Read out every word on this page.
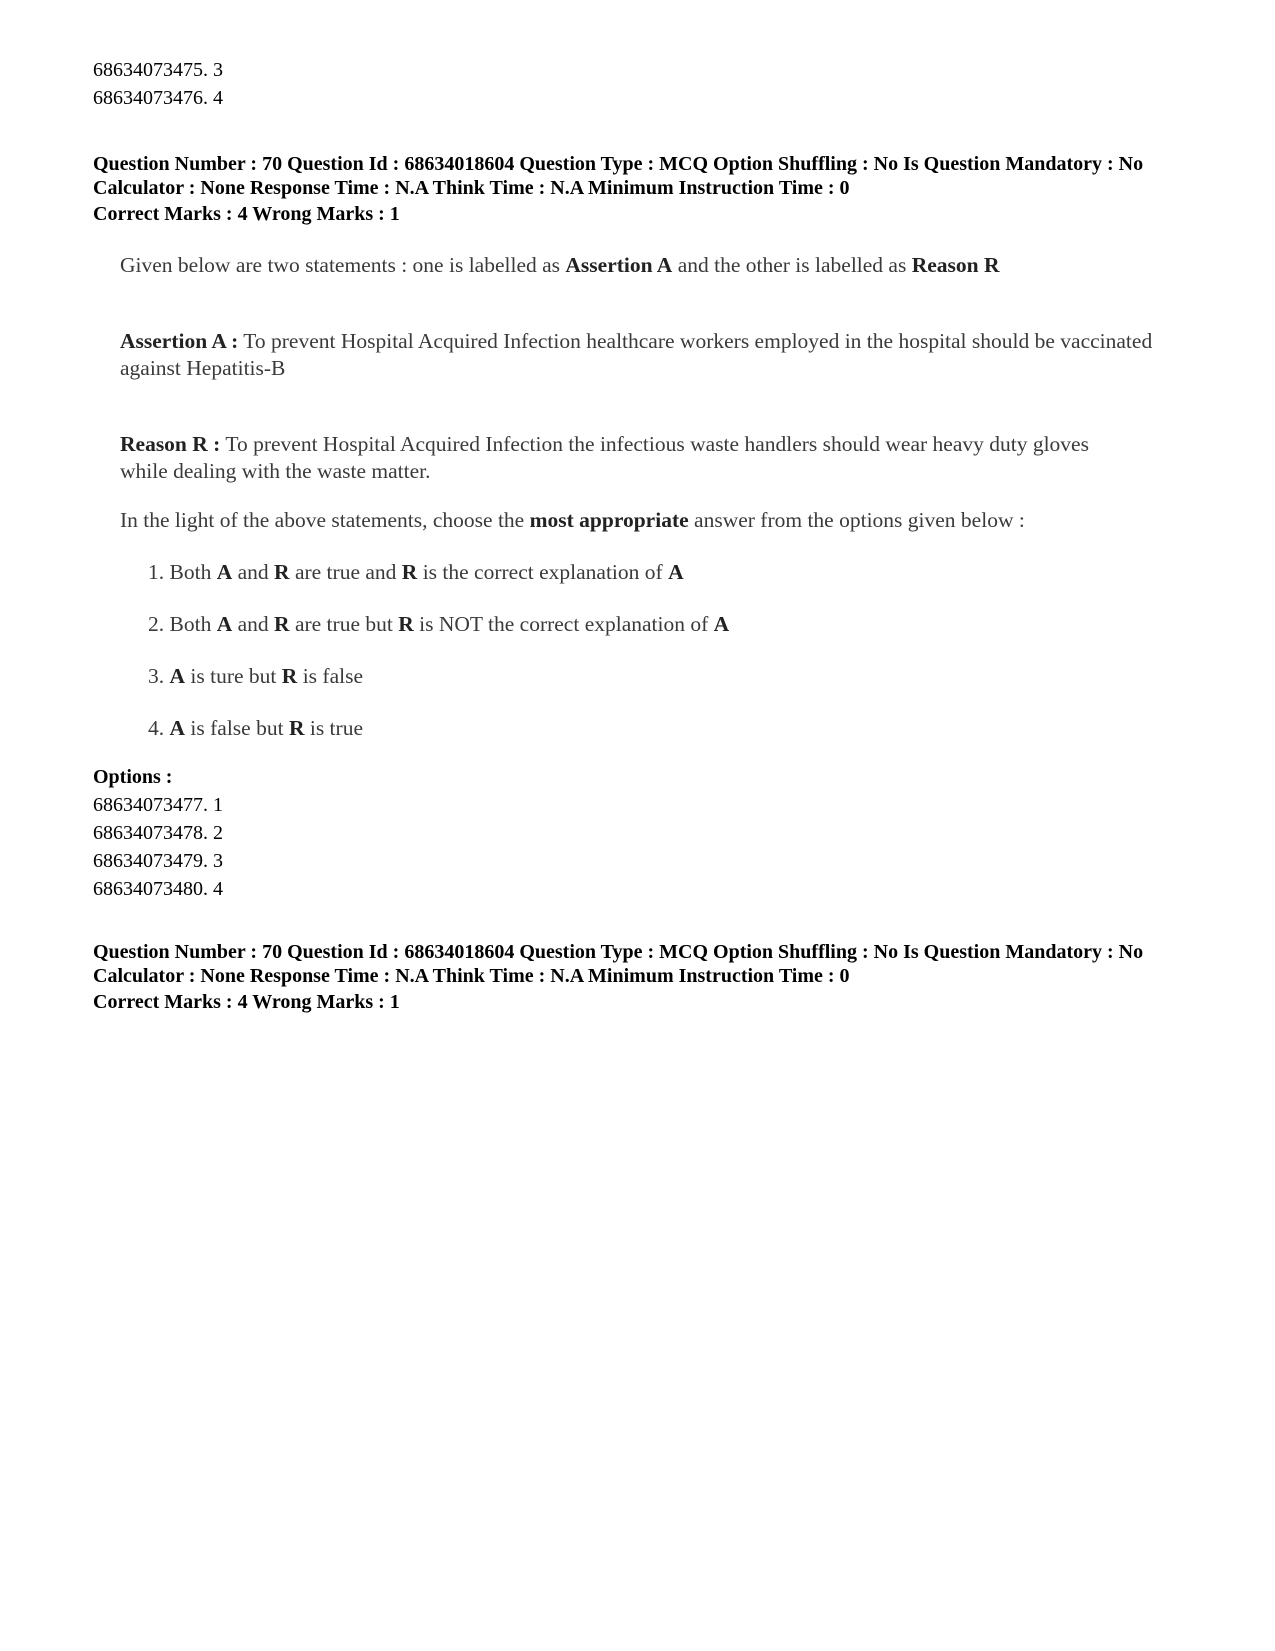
68634073475. 3
68634073476. 4
Question Number : 70 Question Id : 68634018604 Question Type : MCQ Option Shuffling : No Is Question Mandatory : No Calculator : None Response Time : N.A Think Time : N.A Minimum Instruction Time : 0
Correct Marks : 4 Wrong Marks : 1
Given below are two statements : one is labelled as Assertion A and the other is labelled as Reason R
Assertion A : To prevent Hospital Acquired Infection healthcare workers employed in the hospital should be vaccinated against Hepatitis-B
Reason R : To prevent Hospital Acquired Infection the infectious waste handlers should wear heavy duty gloves while dealing with the waste matter.
In the light of the above statements, choose the most appropriate answer from the options given below :
1. Both A and R are true and R is the correct explanation of A
2. Both A and R are true but R is NOT the correct explanation of A
3. A is ture but R is false
4. A is false but R is true
Options :
68634073477. 1
68634073478. 2
68634073479. 3
68634073480. 4
Question Number : 70 Question Id : 68634018604 Question Type : MCQ Option Shuffling : No Is Question Mandatory : No Calculator : None Response Time : N.A Think Time : N.A Minimum Instruction Time : 0
Correct Marks : 4 Wrong Marks : 1
